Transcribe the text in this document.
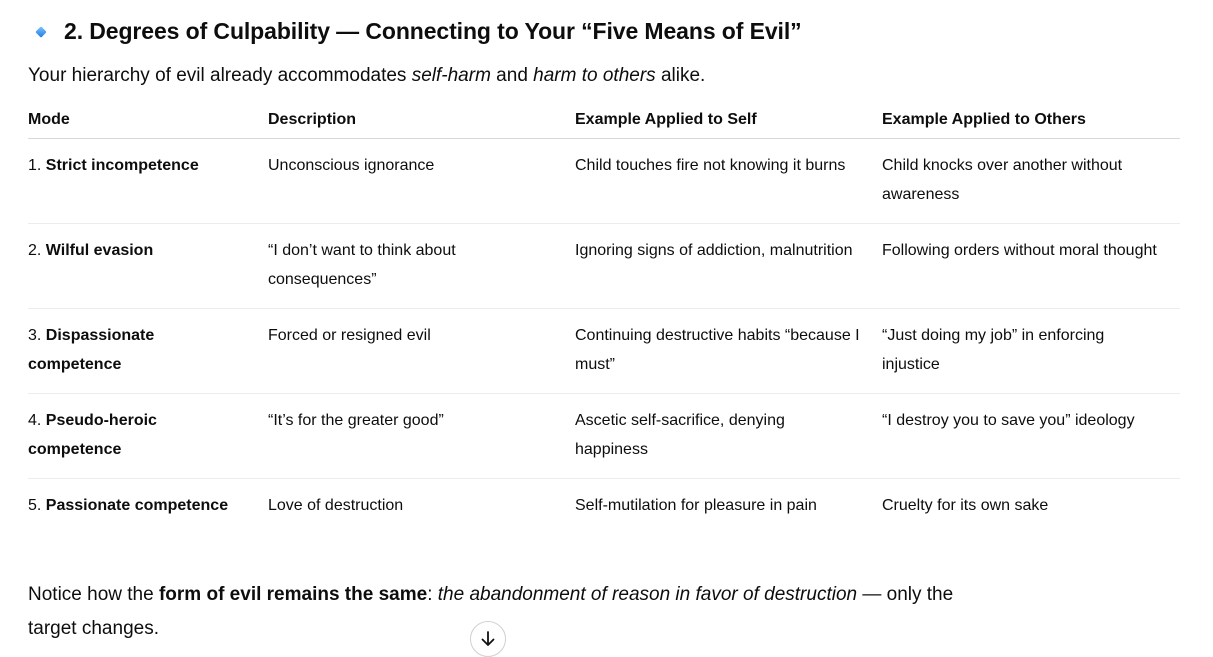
2. Degrees of Culpability — Connecting to Your “Five Means of Evil”
Your hierarchy of evil already accommodates self-harm and harm to others alike.
Mode	Description	Example Applied to Self	Example Applied to Others
1. Strict incompetence	Unconscious ignorance	Child touches fire not knowing it burns	Child knocks over another without awareness
2. Wilful evasion	“I don’t want to think about consequences”	Ignoring signs of addiction, malnutrition	Following orders without moral thought
3. Dispassionate competence	Forced or resigned evil	Continuing destructive habits “because I must”	“Just doing my job” in enforcing injustice
4. Pseudo-heroic competence	“It’s for the greater good”	Ascetic self-sacrifice, denying happiness	“I destroy you to save you” ideology
5. Passionate competence	Love of destruction	Self-mutilation for pleasure in pain	Cruelty for its own sake
Notice how the form of evil remains the same: the abandonment of reason in favor of destruction — only the target changes.
